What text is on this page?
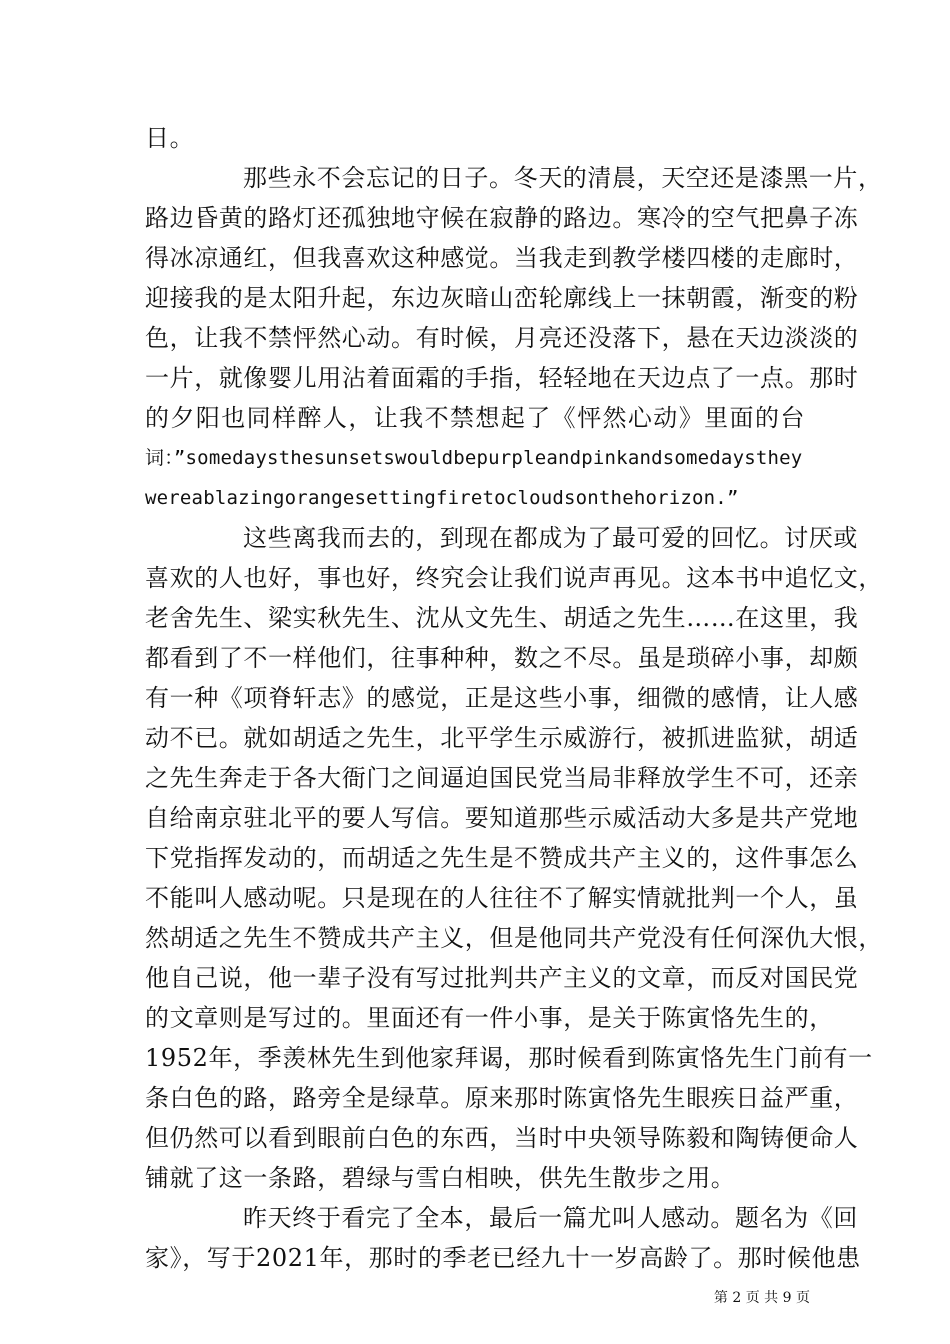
日。
那些永不会忘记的日子。冬天的清晨，天空还是漆黑一片，
路边昏黄的路灯还孤独地守候在寂静的路边。寒冷的空气把鼻子冻
得冰凉通红，但我喜欢这种感觉。当我走到教学楼四楼的走廊时，
迎接我的是太阳升起，东边灰暗山峦轮廓线上一抹朝霞，渐变的粉
色，让我不禁怦然心动。有时候，月亮还没落下，悬在天边淡淡的
一片，就像婴儿用沾着面霜的手指，轻轻地在天边点了一点。那时
的夕阳也同样醉人，让我不禁想起了《怦然心动》里面的台
词：”somedaysthesunsetswouldbepurpleandpinkandsomedaysthey
wereablazingorangesettingfiretocloudsonthehorizon.”
这些离我而去的，到现在都成为了最可爱的回忆。讨厌或
喜欢的人也好，事也好，终究会让我们说声再见。这本书中追忆文，
老舍先生、梁实秋先生、沈从文先生、胡适之先生……在这里，我
都看到了不一样他们，往事种种，数之不尽。虽是琐碎小事，却颇
有一种《项脊轩志》的感觉，正是这些小事，细微的感情，让人感
动不已。就如胡适之先生，北平学生示威游行，被抓进监狱，胡适
之先生奔走于各大衙门之间逼迫国民党当局非释放学生不可，还亲
自给南京驻北平的要人写信。要知道那些示威活动大多是共产党地
下党指挥发动的，而胡适之先生是不赞成共产主义的，这件事怎么
不能叫人感动呢。只是现在的人往往不了解实情就批判一个人，虽
然胡适之先生不赞成共产主义，但是他同共产党没有任何深仇大恨，
他自己说，他一辈子没有写过批判共产主义的文章，而反对国民党
的文章则是写过的。里面还有一件小事，是关于陈寅恪先生的，
1952年，季羡林先生到他家拜谒，那时候看到陈寅恪先生门前有一
条白色的路，路旁全是绿草。原来那时陈寅恪先生眼疾日益严重，
但仍然可以看到眼前白色的东西，当时中央领导陈毅和陶铸便命人
铺就了这一条路，碧绿与雪白相映，供先生散步之用。
昨天终于看完了全本，最后一篇尤叫人感动。题名为《回
家》，写于2021年，那时的季老已经九十一岁高龄了。那时候他患
第 2 页 共 9 页
